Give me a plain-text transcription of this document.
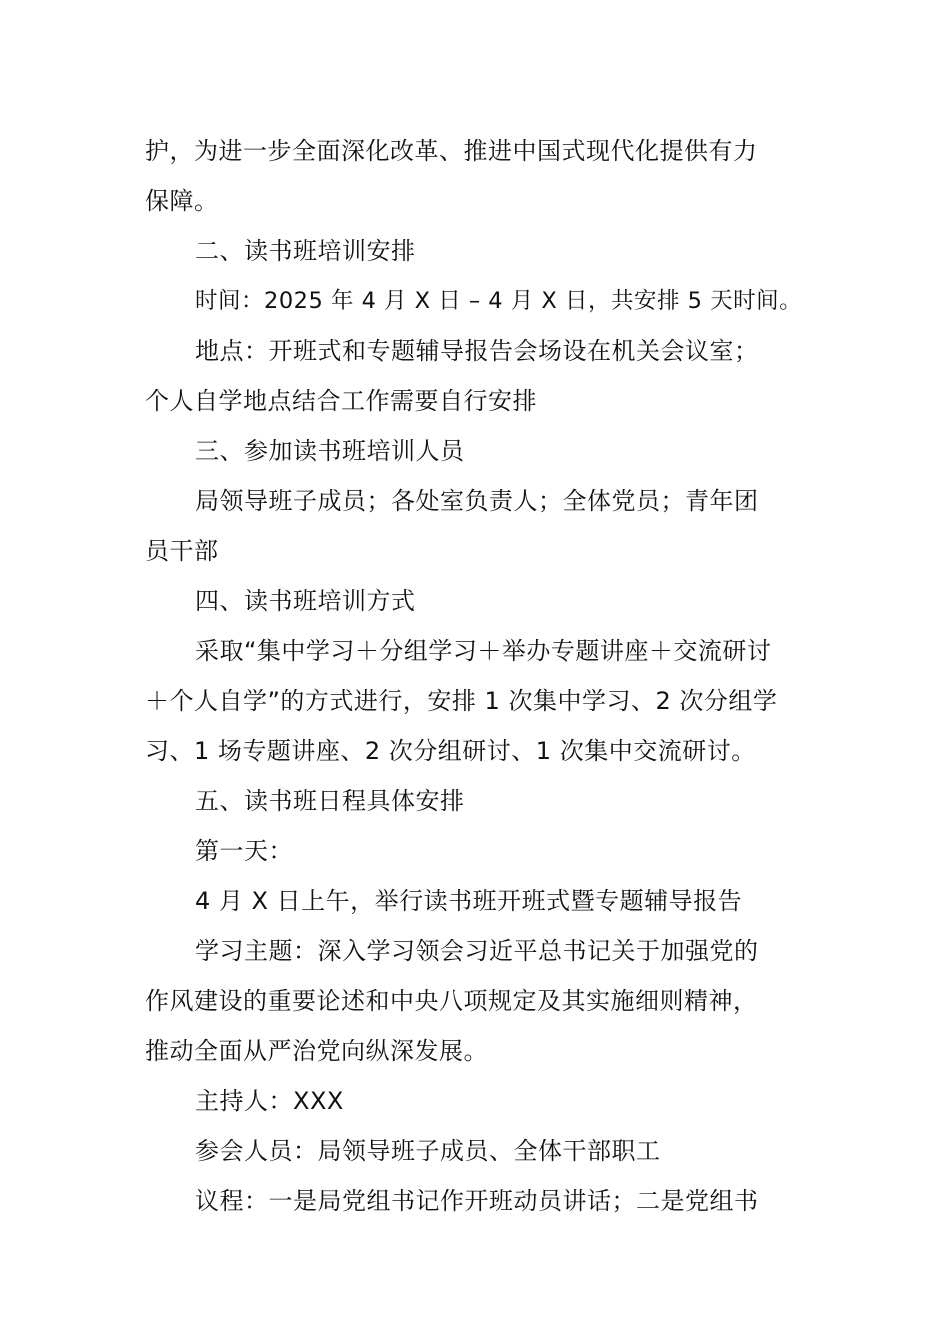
护，为进一步全面深化改革、推进中国式现代化提供有力
保障。
二、读书班培训安排
时间：2025 年 4 月 X 日 – 4 月 X 日，共安排 5 天时间。
地点：开班式和专题辅导报告会场设在机关会议室；
个人自学地点结合工作需要自行安排
三、参加读书班培训人员
局领导班子成员；各处室负责人；全体党员；青年团
员干部
四、读书班培训方式
采取“集中学习＋分组学习＋举办专题讲座＋交流研讨
＋个人自学”的方式进行，安排 1 次集中学习、2 次分组学
习、1 场专题讲座、2 次分组研讨、1 次集中交流研讨。
五、读书班日程具体安排
第一天：
4 月 X 日上午，举行读书班开班式暨专题辅导报告
学习主题：深入学习领会习近平总书记关于加强党的
作风建设的重要论述和中央八项规定及其实施细则精神，
推动全面从严治党向纵深发展。
主持人：XXX
参会人员：局领导班子成员、全体干部职工
议程：一是局党组书记作开班动员讲话；二是党组书
